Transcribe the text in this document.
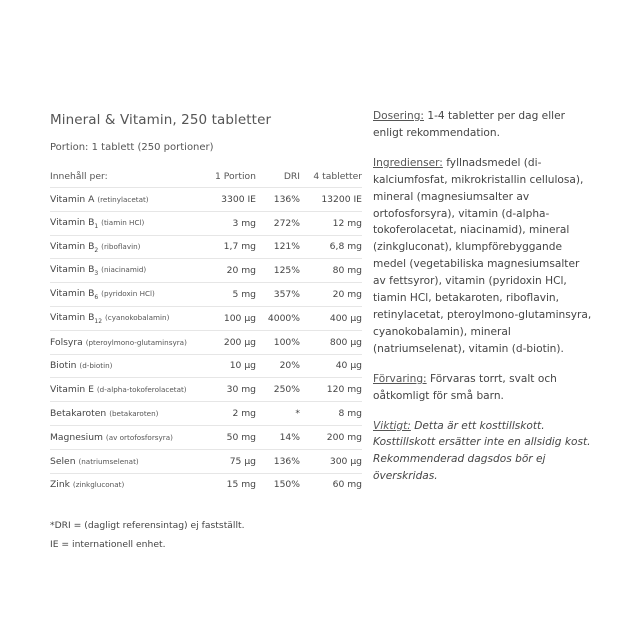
Mineral & Vitamin, 250 tabletter
Portion: 1 tablett (250 portioner)
Innehåll per:	1 Portion	DRI	4 tabletter
Vitamin A (retinylacetat)	3300 IE	136%	13200 IE
Vitamin $B_1$ (tiamin HCl)	3 mg	272%	12 mg
Vitamin $B_2$ (riboflavin)	1,7 mg	121%	6,8 mg
Vitamin $B_3$ (niacinamid)	20 mg	125%	80 mg
Vitamin $B_6$ (pyridoxin HCl)	5 mg	357%	20 mg
Vitamin $B_{12}$ (cyanokobalamin)	100 µg	4000%	400 µg
Folsyra (pteroylmono-glutaminsyra)	200 µg	100%	800 µg
Biotin (d-biotin)	10 µg	20%	40 µg
Vitamin E (d-alpha-tokoferolacetat)	30 mg	250%	120 mg
Betakaroten (betakaroten)	2 mg	*	8 mg
Magnesium (av ortofosforsyra)	50 mg	14%	200 mg
Selen (natriumselenat)	75 µg	136%	300 µg
Zink (zinkgluconat)	15 mg	150%	60 mg
*DRI = (dagligt referensintag) ej fastställt.
IE = internationell enhet.

Dosering: 1-4 tabletter per dag eller enligt rekommendation.

Ingredienser: fyllnadsmedel (di-kalciumfosfat, mikrokristallin cellulosa), mineral (magnesiumsalter av ortofosforsyra), vitamin (d-alpha-tokoferolacetat, niacinamid), mineral (zinkgluconat), klumpförebyggande medel (vegetabiliska magnesiumsalter av fettsyror), vitamin (pyridoxin HCl, tiamin HCl, betakaroten, riboflavin, retinylacetat, pteroylmono-glutaminsyra, cyanokobalamin), mineral (natriumselenat), vitamin (d-biotin).

Förvaring: Förvaras torrt, svalt och oåtkomligt för små barn.

Viktigt: Detta är ett kosttillskott. Kosttillskott ersätter inte en allsidig kost. Rekommenderad dagsdos bör ej överskridas.
